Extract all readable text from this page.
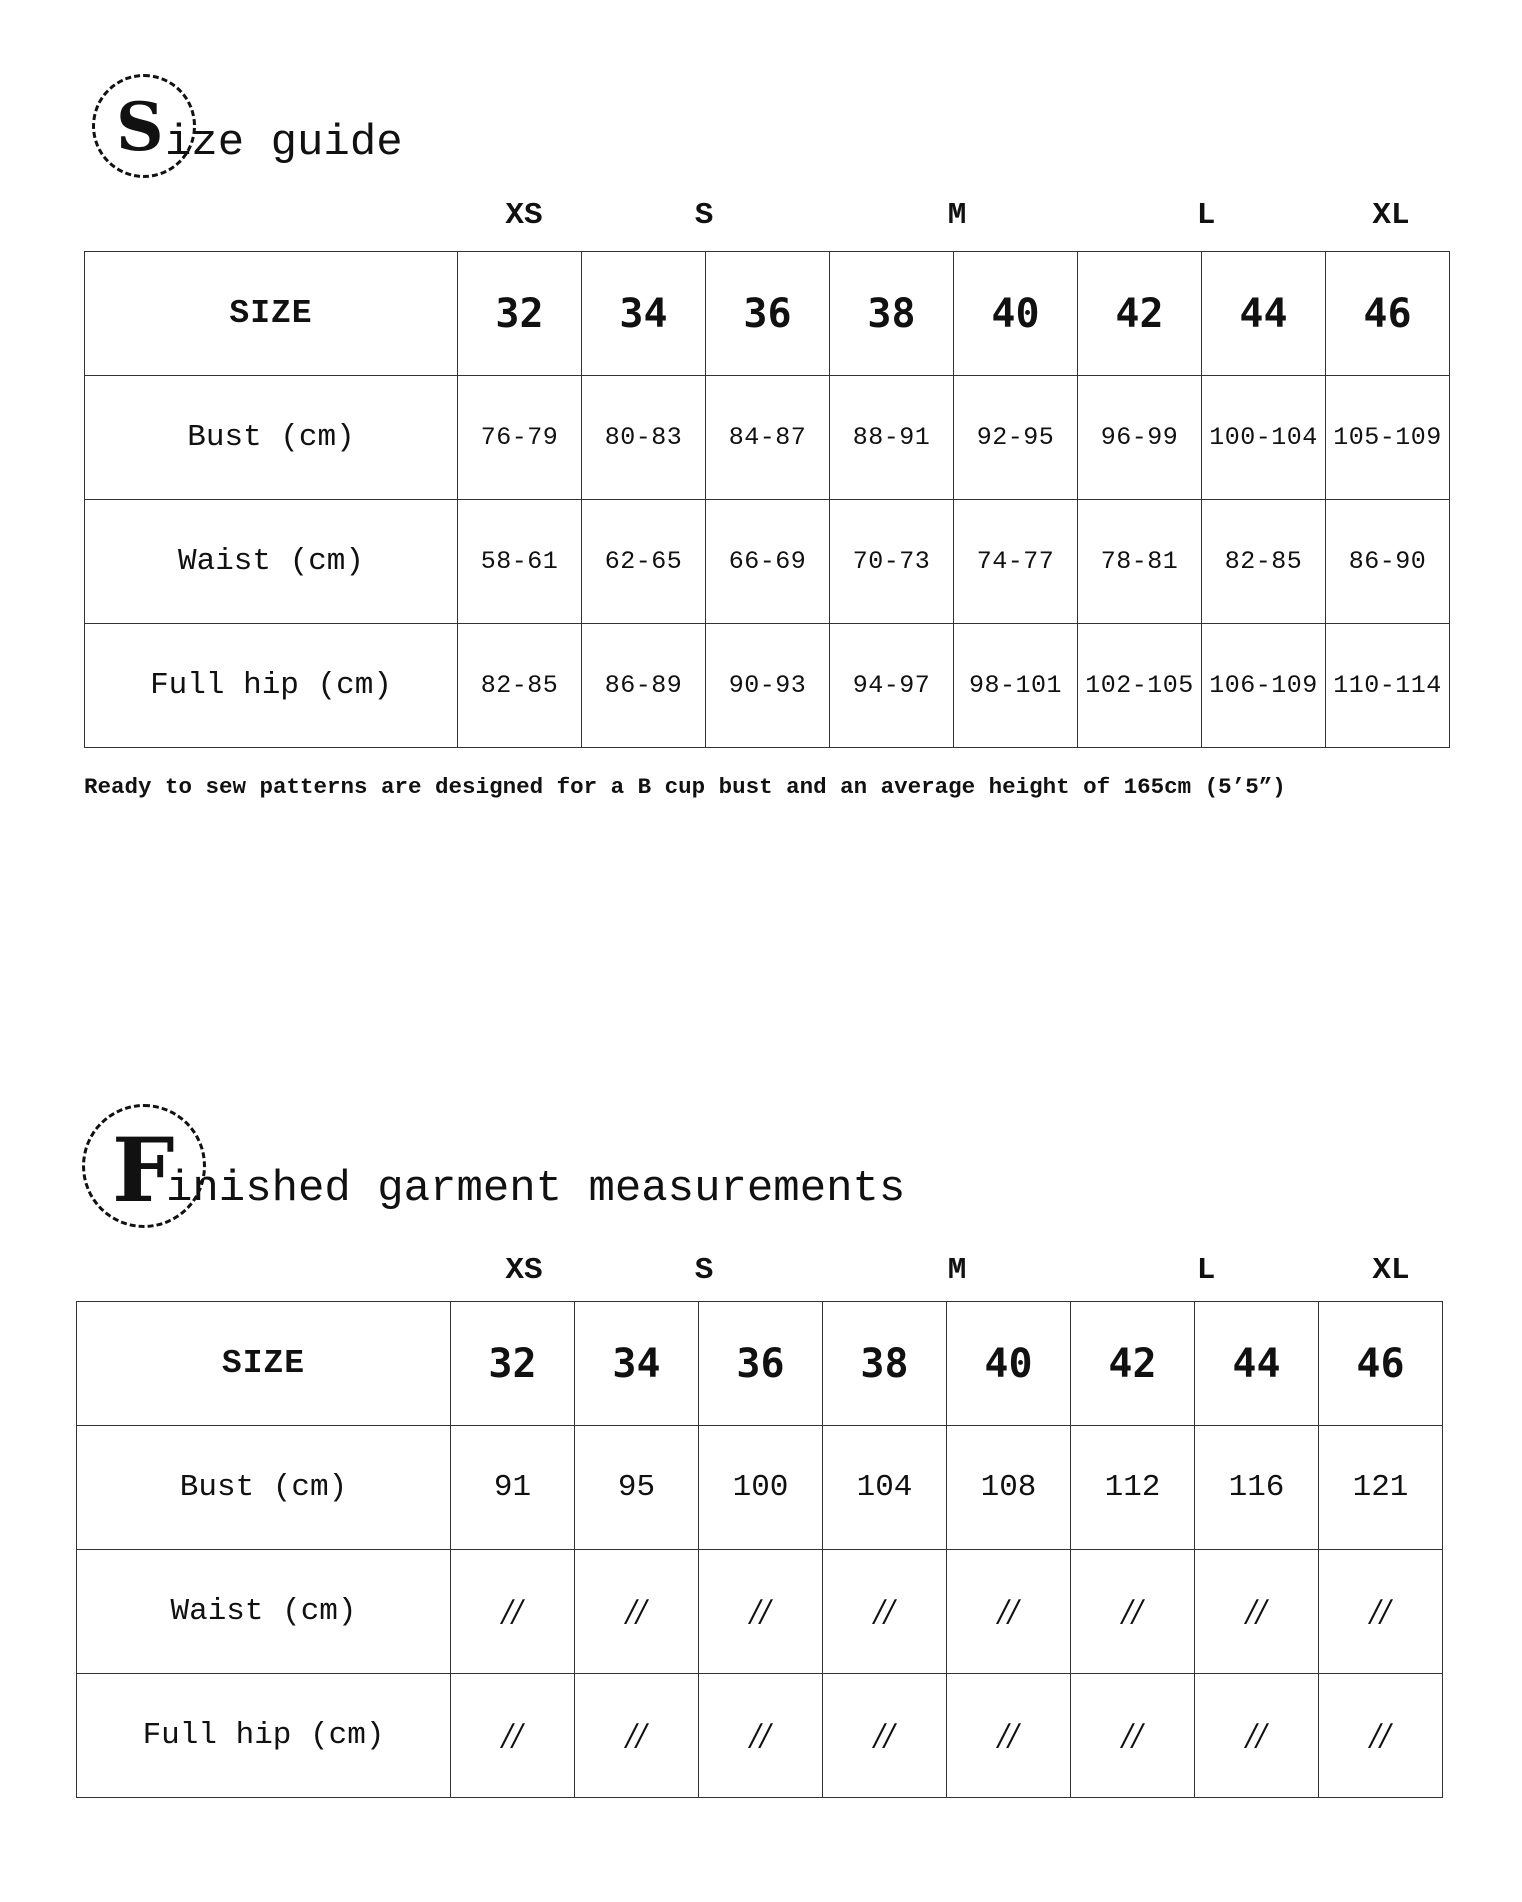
S ize guide
XS	S	M	L	XL
SIZE	32	34	36	38	40	42	44	46
Bust (cm)	76-79	80-83	84-87	88-91	92-95	96-99	100-104	105-109
Waist (cm)	58-61	62-65	66-69	70-73	74-77	78-81	82-85	86-90
Full hip (cm)	82-85	86-89	90-93	94-97	98-101	102-105	106-109	110-114
Ready to sew patterns are designed for a B cup bust and an average height of 165cm (5’5”)
F
inished garment measurements
XS	S	M	L	XL
SIZE	32	34	36	38	40	42	44	46
Bust (cm)	91	95	100	104	108	112	116	121
Waist (cm)	//	//	//	//	//	//	//	//
Full hip (cm)	//	//	//	//	//	//	//	//
